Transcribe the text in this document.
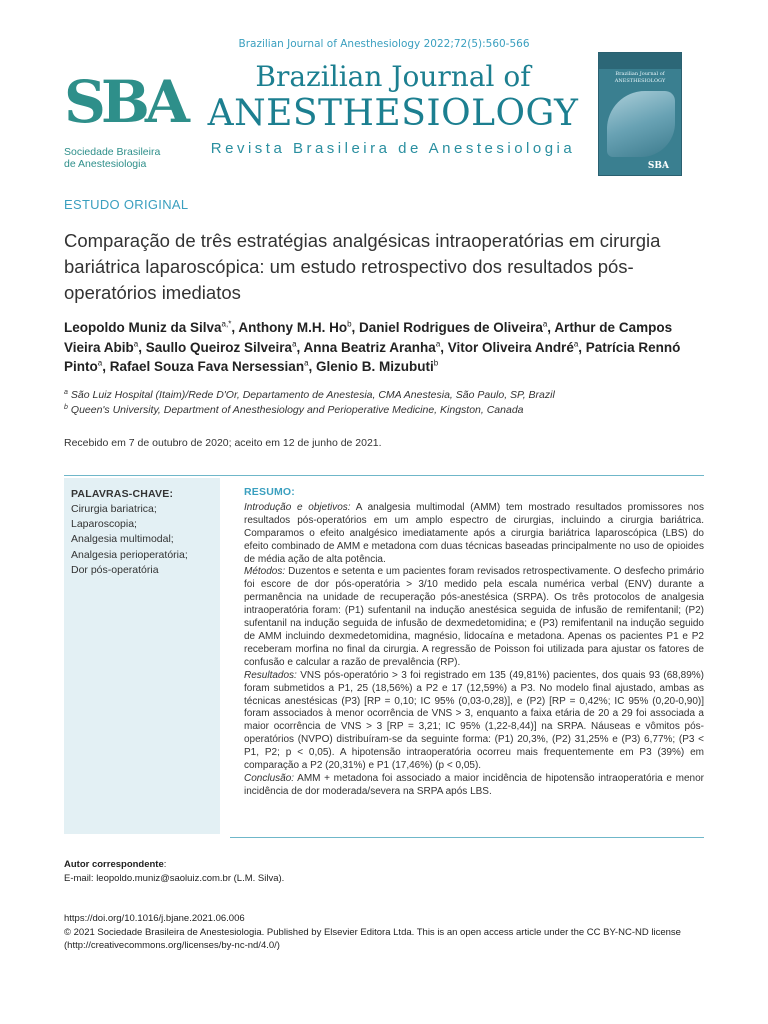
Brazilian Journal of Anesthesiology 2022;72(5):560-566
SBA
Sociedade Brasileira
de Anestesiologia
Brazilian Journal of
ANESTHESIOLOGY
Revista Brasileira de Anestesiologia
Brazilian Journal of
ANESTHESIOLOGY
SBA
ESTUDO ORIGINAL
Comparação de três estratégias analgésicas intraoperatórias em cirurgia bariátrica laparoscópica: um estudo retrospectivo dos resultados pós-operatórios imediatos
Leopoldo Muniz da Silva$^{a,*}$, Anthony M.H. Ho$^b$, Daniel Rodrigues de Oliveira$^a$, Arthur de Campos Vieira Abib$^a$, Saullo Queiroz Silveira$^a$, Anna Beatriz Aranha$^a$, Vitor Oliveira André$^a$, Patrícia Rennó Pinto$^a$, Rafael Souza Fava Nersessian$^a$, Glenio B. Mizubuti$^b$
$^a$ São Luiz Hospital (Itaim)/Rede D'Or, Departamento de Anestesia, CMA Anestesia, São Paulo, SP, Brazil
$^b$ Queen's University, Department of Anesthesiology and Perioperative Medicine, Kingston, Canada
Recebido em 7 de outubro de 2020; aceito em 12 de junho de 2021.
PALAVRAS-CHAVE:
Cirurgia bariatrica;
Laparoscopia;
Analgesia multimodal;
Analgesia perioperatória;
Dor pós-operatória
RESUMO:

Introdução e objetivos: A analgesia multimodal (AMM) tem mostrado resultados promissores nos resultados pós-operatórios em um amplo espectro de cirurgias, incluindo a cirurgia bariátrica. Comparamos o efeito analgésico imediatamente após a cirurgia bariátrica laparoscópica (LBS) do efeito combinado de AMM e metadona com duas técnicas baseadas principalmente no uso de opioides de média ação de alta potência.

Métodos: Duzentos e setenta e um pacientes foram revisados retrospectivamente. O desfecho primário foi escore de dor pós-operatória > 3/10 medido pela escala numérica verbal (ENV) durante a permanência na unidade de recuperação pós-anestésica (SRPA). Os três protocolos de analgesia intraoperatória foram: (P1) sufentanil na indução anestésica seguida de infusão de remifentanil; (P2) sufentanil na indução seguida de infusão de dexmedetomidina; e (P3) remifentanil na indução seguido de AMM incluindo dexmedetomidina, magnésio, lidocaína e metadona. Apenas os pacientes P1 e P2 receberam morfina no final da cirurgia. A regressão de Poisson foi utilizada para ajustar os fatores de confusão e calcular a razão de prevalência (RP).

Resultados: VNS pós-operatório > 3 foi registrado em 135 (49,81%) pacientes, dos quais 93 (68,89%) foram submetidos a P1, 25 (18,56%) a P2 e 17 (12,59%) a P3. No modelo final ajustado, ambas as técnicas anestésicas (P3) [RP = 0,10; IC 95% (0,03-0,28)], e (P2) [RP = 0,42%; IC 95% (0,20-0,90)] foram associados à menor ocorrência de VNS > 3, enquanto a faixa etária de 20 a 29 foi associada a maior ocorrência de VNS > 3 [RP = 3,21; IC 95% (1,22-8,44)] na SRPA. Náuseas e vômitos pós-operatórios (NVPO) distribuíram-se da seguinte forma: (P1) 20,3%, (P2) 31,25% e (P3) 6,77%; (P3 < P1, P2; p < 0,05). A hipotensão intraoperatória ocorreu mais frequentemente em P3 (39%) em comparação a P2 (20,31%) e P1 (17,46%) (p < 0,05).

Conclusão: AMM + metadona foi associado a maior incidência de hipotensão intraoperatória e menor incidência de dor moderada/severa na SRPA após LBS.

Autor correspondente:
E-mail: leopoldo.muniz@saoluiz.com.br (L.M. Silva).
https://doi.org/10.1016/j.bjane.2021.06.006
© 2021 Sociedade Brasileira de Anestesiologia. Published by Elsevier Editora Ltda. This is an open access article under the CC BY-NC-ND license
(http://creativecommons.org/licenses/by-nc-nd/4.0/)
